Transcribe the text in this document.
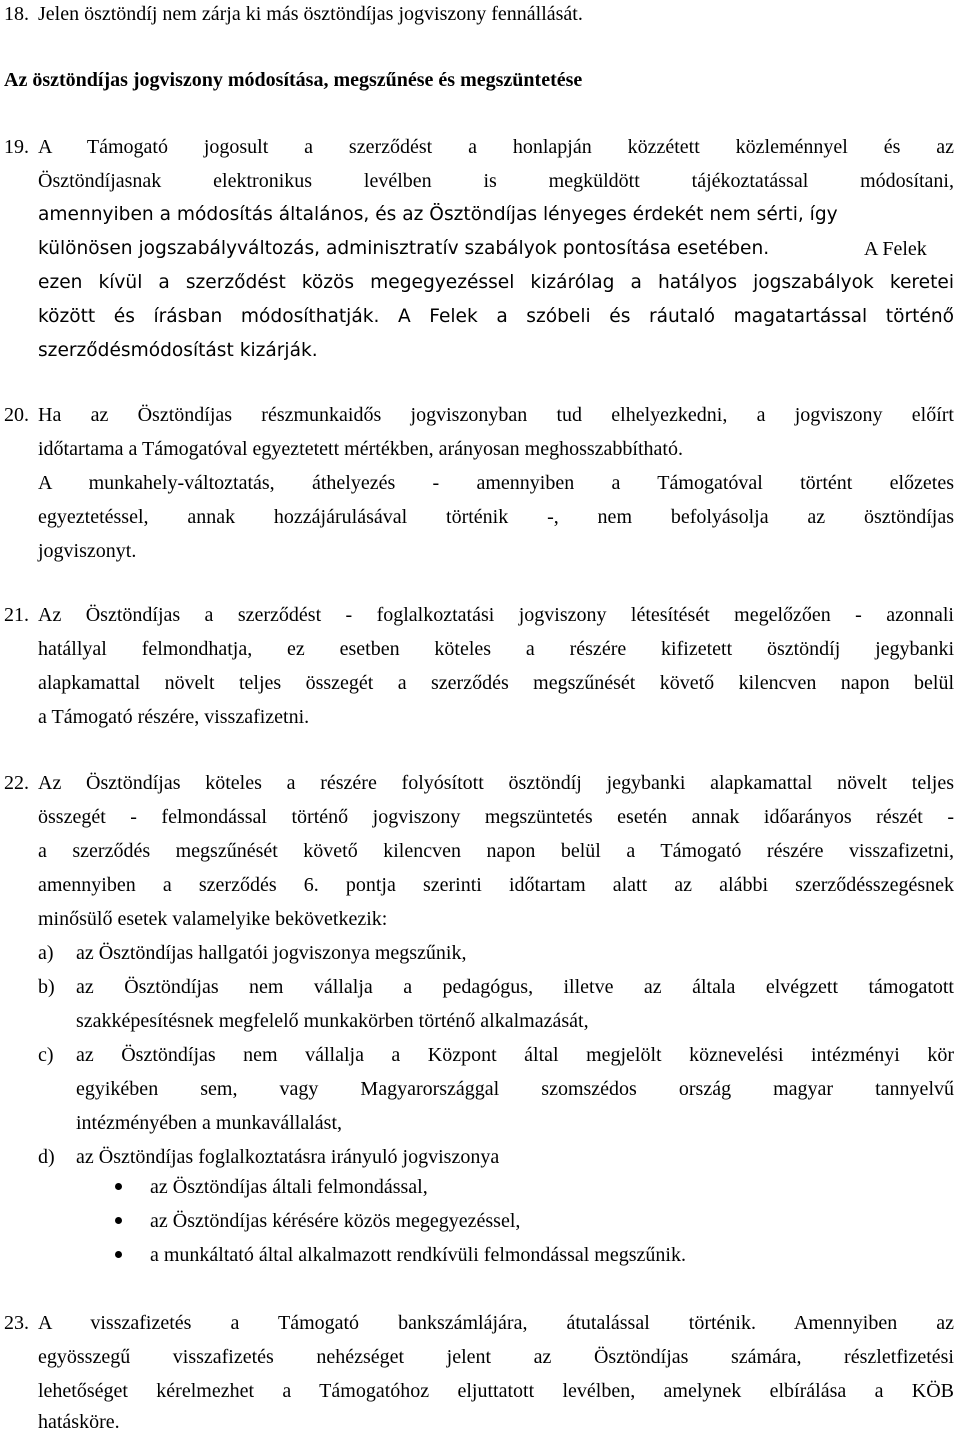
18. Jelen ösztöndíj nem zárja ki más ösztöndíjas jogviszony fennállását.
Az ösztöndíjas jogviszony módosítása, megszűnése és megszüntetése
19. A Támogató jogosult a szerződést a honlapján közzétett közleménnyel és az
Ösztöndíjasnak elektronikus levélben is megküldött tájékoztatással módosítani,
amennyiben a módosítás általános, és az Ösztöndíjas lényeges érdekét nem sérti, így
különösen jogszabályváltozás, adminisztratív szabályok pontosítása esetében.	A Felek
ezen kívül a szerződést közös megegyezéssel kizárólag a hatályos jogszabályok keretei
között és írásban módosíthatják. A Felek a szóbeli és ráutaló magatartással történő
szerződésmódosítást kizárják.
20. Ha az Ösztöndíjas részmunkaidős jogviszonyban tud elhelyezkedni, a jogviszony előírt
időtartama a Támogatóval egyeztetett mértékben, arányosan meghosszabbítható.
A munkahely-változtatás, áthelyezés - amennyiben a Támogatóval történt előzetes
egyeztetéssel, annak hozzájárulásával történik -, nem befolyásolja az ösztöndíjas
jogviszonyt.
21. Az Ösztöndíjas a szerződést - foglalkoztatási jogviszony létesítését megelőzően - azonnali
hatállyal felmondhatja, ez esetben köteles a részére kifizetett ösztöndíj jegybanki
alapkamattal növelt teljes összegét a szerződés megszűnését követő kilencven napon belül
a Támogató részére, visszafizetni.
22. Az Ösztöndíjas köteles a részére folyósított ösztöndíj jegybanki alapkamattal növelt teljes
összegét - felmondással történő jogviszony megszüntetés esetén annak időarányos részét -
a szerződés megszűnését követő kilencven napon belül a Támogató részére visszafizetni,
amennyiben a szerződés 6. pontja szerinti időtartam alatt az alábbi szerződésszegésnek
minősülő esetek valamelyike bekövetkezik:
a) az Ösztöndíjas hallgatói jogviszonya megszűnik,
b) az Ösztöndíjas nem vállalja a pedagógus, illetve az általa elvégzett támogatott
szakképesítésnek megfelelő munkakörben történő alkalmazását,
c) az Ösztöndíjas nem vállalja a Központ által megjelölt köznevelési intézményi kör
egyikében sem, vagy Magyarországgal szomszédos ország magyar tannyelvű
intézményében a munkavállalást,
d) az Ösztöndíjas foglalkoztatásra irányuló jogviszonya
az Ösztöndíjas általi felmondással,
az Ösztöndíjas kérésére közös megegyezéssel,
a munkáltató által alkalmazott rendkívüli felmondással megszűnik.
23. A visszafizetés a Támogató bankszámlájára, átutalással történik. Amennyiben az
egyösszegű visszafizetés nehézséget jelent az Ösztöndíjas számára, részletfizetési
lehetőséget kérelmezhet a Támogatóhoz eljuttatott levélben, amelynek elbírálása a KÖB
hatásköre.
